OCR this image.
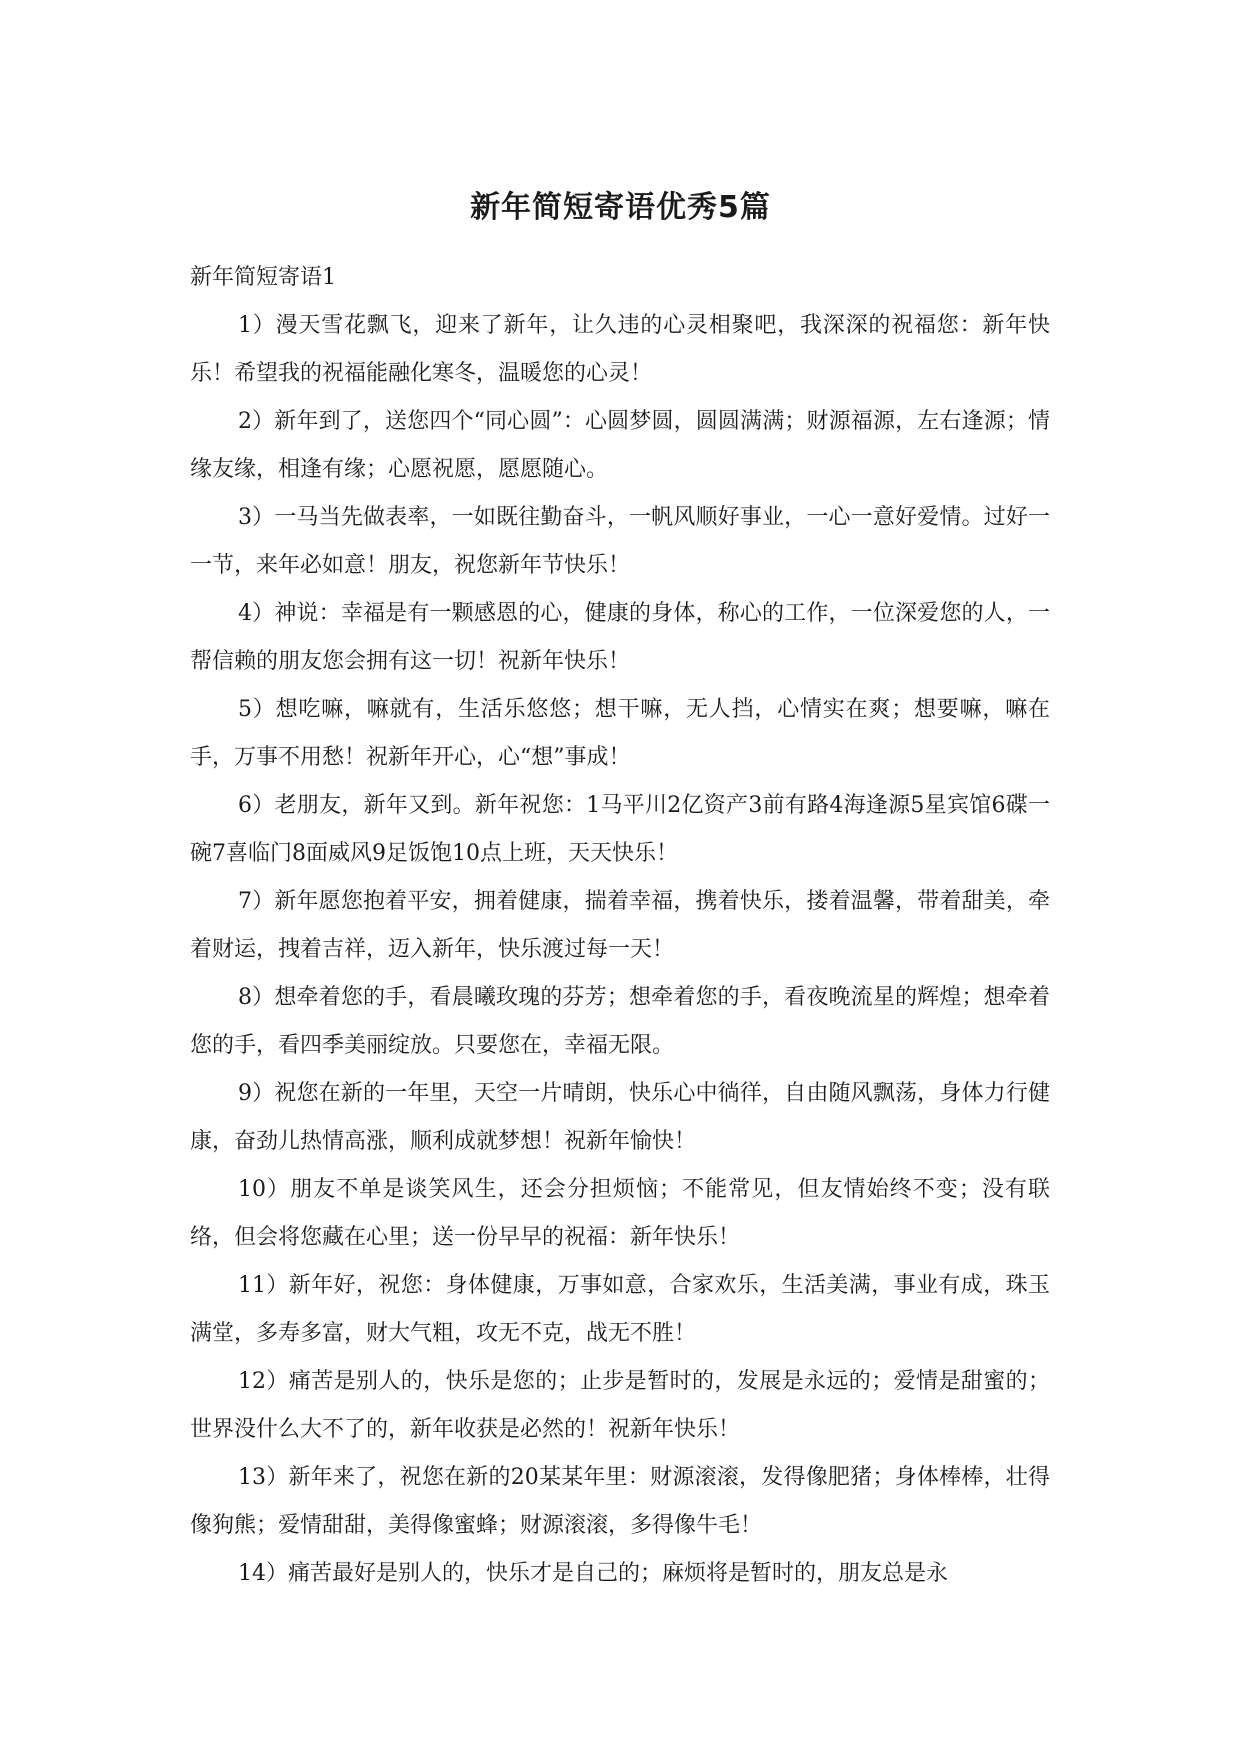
新年简短寄语优秀5篇

新年简短寄语1

1）漫天雪花飘飞，迎来了新年，让久违的心灵相聚吧，我深深的祝福您：新年快乐！希望我的祝福能融化寒冬，温暖您的心灵！

2）新年到了，送您四个“同心圆”：心圆梦圆，圆圆满满；财源福源，左右逢源；情缘友缘，相逢有缘；心愿祝愿，愿愿随心。

3）一马当先做表率，一如既往勤奋斗，一帆风顺好事业，一心一意好爱情。过好一一节，来年必如意！朋友，祝您新年节快乐！

4）神说：幸福是有一颗感恩的心，健康的身体，称心的工作，一位深爱您的人，一帮信赖的朋友您会拥有这一切！祝新年快乐！

5）想吃嘛，嘛就有，生活乐悠悠；想干嘛，无人挡，心情实在爽；想要嘛，嘛在手，万事不用愁！祝新年开心，心“想”事成！

6）老朋友，新年又到。新年祝您：1马平川2亿资产3前有路4海逢源5星宾馆6碟一碗7喜临门8面威风9足饭饱10点上班，天天快乐！

7）新年愿您抱着平安，拥着健康，揣着幸福，携着快乐，搂着温馨，带着甜美，牵着财运，拽着吉祥，迈入新年，快乐渡过每一天！

8）想牵着您的手，看晨曦玫瑰的芬芳；想牵着您的手，看夜晚流星的辉煌；想牵着您的手，看四季美丽绽放。只要您在，幸福无限。

9）祝您在新的一年里，天空一片晴朗，快乐心中徜徉，自由随风飘荡，身体力行健康，奋劲儿热情高涨，顺利成就梦想！祝新年愉快！

10）朋友不单是谈笑风生，还会分担烦恼；不能常见，但友情始终不变；没有联络，但会将您藏在心里；送一份早早的祝福：新年快乐！

11）新年好，祝您：身体健康，万事如意，合家欢乐，生活美满，事业有成，珠玉满堂，多寿多富，财大气粗，攻无不克，战无不胜！

12）痛苦是别人的，快乐是您的；止步是暂时的，发展是永远的；爱情是甜蜜的；世界没什么大不了的，新年收获是必然的！祝新年快乐！

13）新年来了，祝您在新的20某某年里：财源滚滚，发得像肥猪；身体棒棒，壮得像狗熊；爱情甜甜，美得像蜜蜂；财源滚滚，多得像牛毛！

14）痛苦最好是别人的，快乐才是自己的；麻烦将是暂时的，朋友总是永
